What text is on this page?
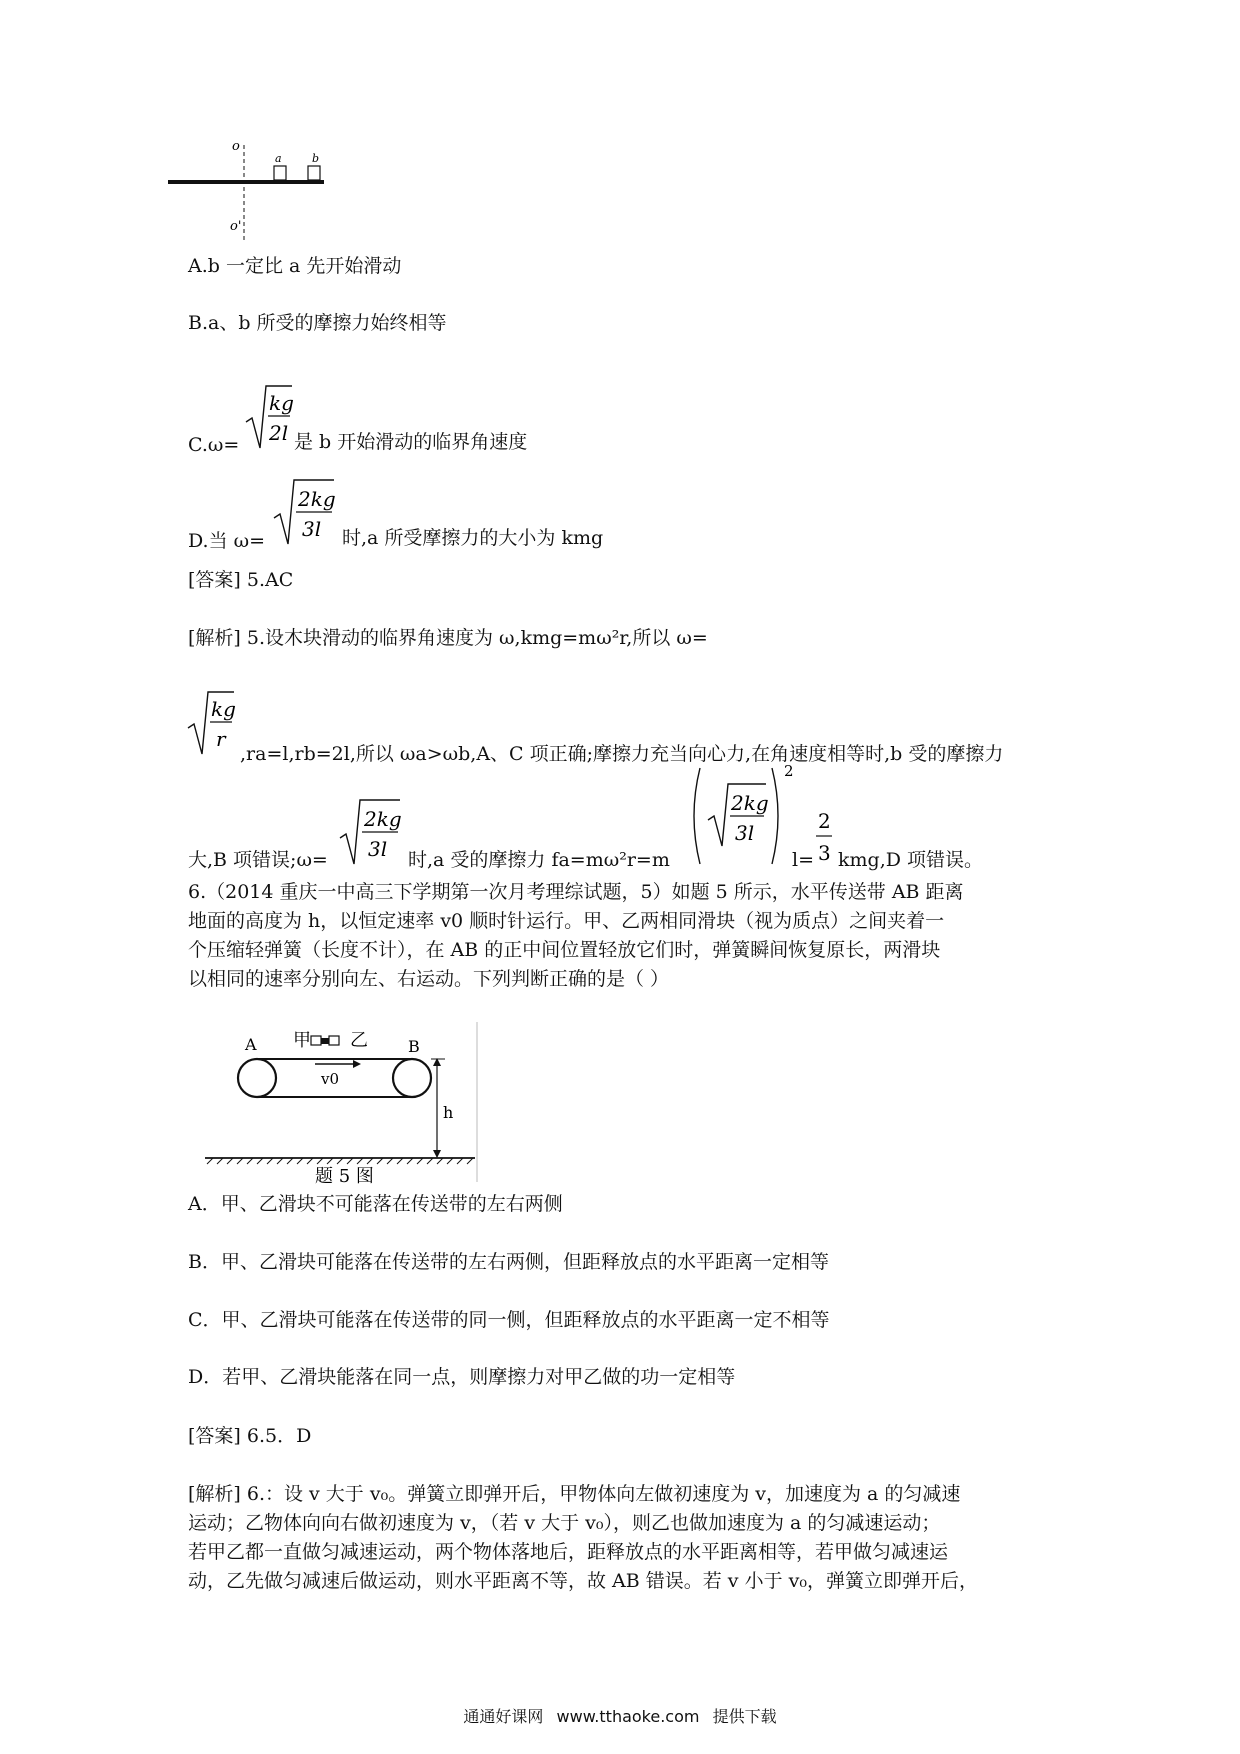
o
o'
a	b
A.b 一定比 a 先开始滑动
B.a、b 所受的摩擦力始终相等
C.ω=
kg
2l 是 b 开始滑动的临界角速度
D.当 ω=
2kg
3l 时,a 所受摩擦力的大小为 kmg
[答案] 5.AC
[解析] 5.设木块滑动的临界角速度为 ω,kmg=mω²r,所以 ω=
kg
r
,ra=l,rb=2l,所以 ωa>ωb,A、C 项正确;摩擦力充当向心力,在角速度相等时,b 受的摩擦力
大,B 项错误;ω=
2kg
3l 时,a 受的摩擦力 fa=mω²r=m
2kg
3l
2
l=
2
3 kmg,D 项错误。
6.（2014 重庆一中高三下学期第一次月考理综试题，5）如题 5 所示，水平传送带 AB 距离
地面的高度为 h，以恒定速率 v0 顺时针运行。甲、乙两相同滑块（视为质点）之间夹着一
个压缩轻弹簧（长度不计），在 AB 的正中间位置轻放它们时，弹簧瞬间恢复原长，两滑块
以相同的速率分别向左、右运动。下列判断正确的是（ ）
A	B
甲 乙
v0
h
题 5 图
A．甲、乙滑块不可能落在传送带的左右两侧
B．甲、乙滑块可能落在传送带的左右两侧，但距释放点的水平距离一定相等
C．甲、乙滑块可能落在传送带的同一侧，但距释放点的水平距离一定不相等
D．若甲、乙滑块能落在同一点，则摩擦力对甲乙做的功一定相等
[答案] 6.5．D
[解析] 6.：设 v 大于 v₀。弹簧立即弹开后，甲物体向左做初速度为 v，加速度为 a 的匀减速
运动；乙物体向向右做初速度为 v，（若 v 大于 v₀），则乙也做加速度为 a 的匀减速运动；
若甲乙都一直做匀减速运动，两个物体落地后，距释放点的水平距离相等，若甲做匀减速运
动，乙先做匀减速后做运动，则水平距离不等，故 AB 错误。若 v 小于 v₀，弹簧立即弹开后，
通通好课网 www.tthaoke.com 提供下载
